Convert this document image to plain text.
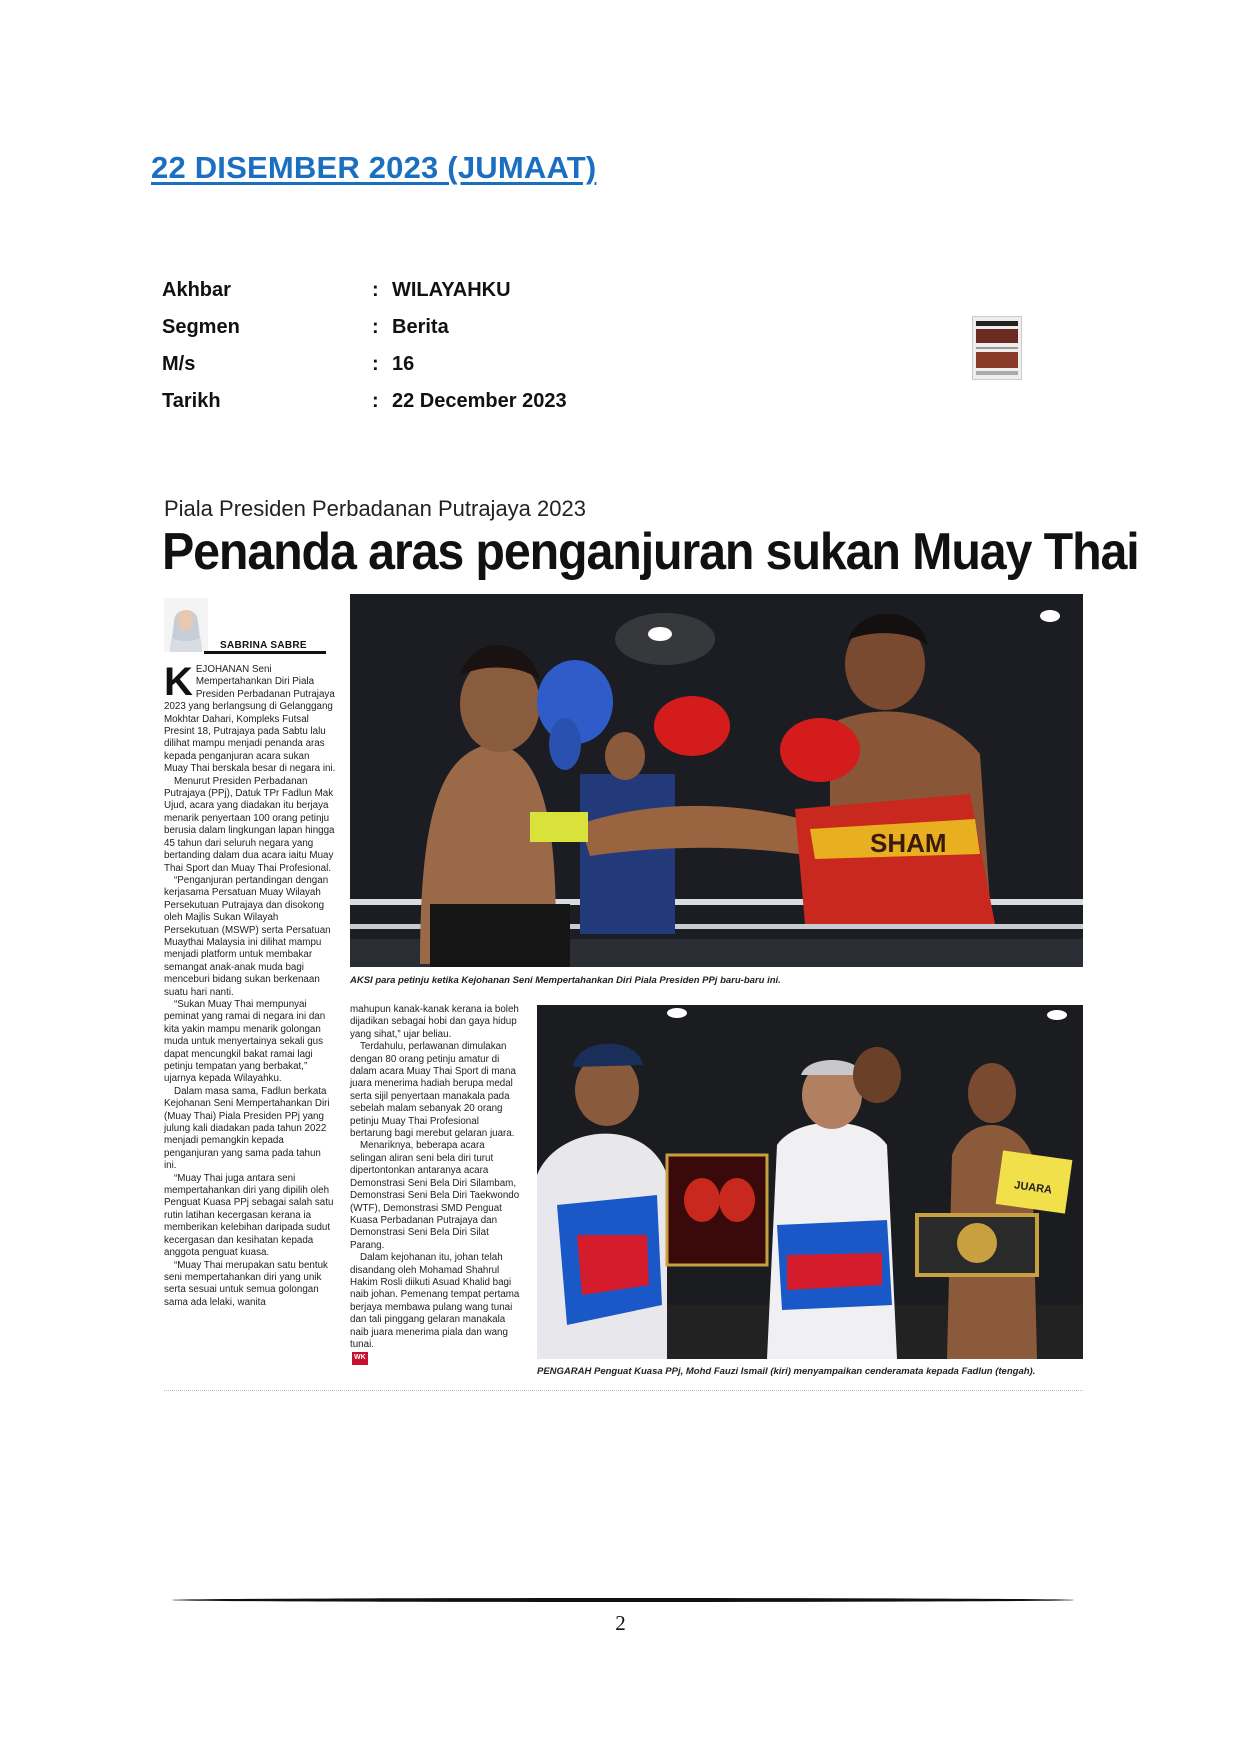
22 DISEMBER 2023 (JUMAAT)
Akhbar	: WILAYAHKU
Segmen	: Berita
M/s	: 16
Tarikh	: 22 December 2023
Piala Presiden Perbadanan Putrajaya 2023
Penanda aras penganjuran sukan Muay Thai
SABRINA SABRE
K EJOHANAN Seni Mempertahankan Diri Piala Presiden Perbadanan Putrajaya 2023 yang berlangsung di Gelanggang Mokhtar Dahari, Kompleks Futsal Presint 18, Putrajaya pada Sabtu lalu dilihat mampu menjadi penanda aras kepada penganjuran acara sukan Muay Thai berskala besar di negara ini.

Menurut Presiden Perbadanan Putrajaya (PPj), Datuk TPr Fadlun Mak Ujud, acara yang diadakan itu berjaya menarik penyertaan 100 orang petinju berusia dalam lingkungan lapan hingga 45 tahun dari seluruh negara yang bertanding dalam dua acara iaitu Muay Thai Sport dan Muay Thai Profesional.

“Penganjuran pertandingan dengan kerjasama Persatuan Muay Wilayah Persekutuan Putrajaya dan disokong oleh Majlis Sukan Wilayah Persekutuan (MSWP) serta Persatuan Muaythai Malaysia ini dilihat mampu menjadi platform untuk membakar semangat anak-anak muda bagi menceburi bidang sukan berkenaan suatu hari nanti.

“Sukan Muay Thai mempunyai peminat yang ramai di negara ini dan kita yakin mampu menarik golongan muda untuk menyertainya sekali gus dapat mencungkil bakat ramai lagi petinju tempatan yang berbakat,” ujarnya kepada Wilayahku.

Dalam masa sama, Fadlun berkata Kejohanan Seni Mempertahankan Diri (Muay Thai) Piala Presiden PPj yang julung kali diadakan pada tahun 2022 menjadi pemangkin kepada penganjuran yang sama pada tahun ini.

“Muay Thai juga antara seni mempertahankan diri yang dipilih oleh Penguat Kuasa PPj sebagai salah satu rutin latihan kecergasan kerana ia memberikan kelebihan daripada sudut kecergasan dan kesihatan kepada anggota penguat kuasa.

“Muay Thai merupakan satu bentuk seni mempertahankan diri yang unik serta sesuai untuk semua golongan sama ada lelaki, wanita

SHAM
AKSI para petinju ketika Kejohanan Seni Mempertahankan Diri Piala Presiden PPj baru-baru ini.

mahupun kanak-kanak kerana ia boleh dijadikan sebagai hobi dan gaya hidup yang sihat,” ujar beliau.

Terdahulu, perlawanan dimulakan dengan 80 orang petinju amatur di dalam acara Muay Thai Sport di mana juara menerima hadiah berupa medal serta sijil penyertaan manakala pada sebelah malam sebanyak 20 orang petinju Muay Thai Profesional bertarung bagi merebut gelaran juara.

Menariknya, beberapa acara selingan aliran seni bela diri turut dipertontonkan antaranya acara Demonstrasi Seni Bela Diri Silambam, Demonstrasi Seni Bela Diri Taekwondo (WTF), Demonstrasi SMD Penguat Kuasa Perbadanan Putrajaya dan Demonstrasi Seni Bela Diri Silat Parang.

Dalam kejohanan itu, johan telah disandang oleh Mohamad Shahrul Hakim Rosli diikuti Asuad Khalid bagi naib johan. Pemenang tempat pertama berjaya membawa pulang wang tunai dan tali pinggang gelaran manakala naib juara menerima piala dan wang tunai.

WK
JUARA
PENGARAH Penguat Kuasa PPj, Mohd Fauzi Ismail (kiri) menyampaikan cenderamata kepada Fadlun (tengah).
2
